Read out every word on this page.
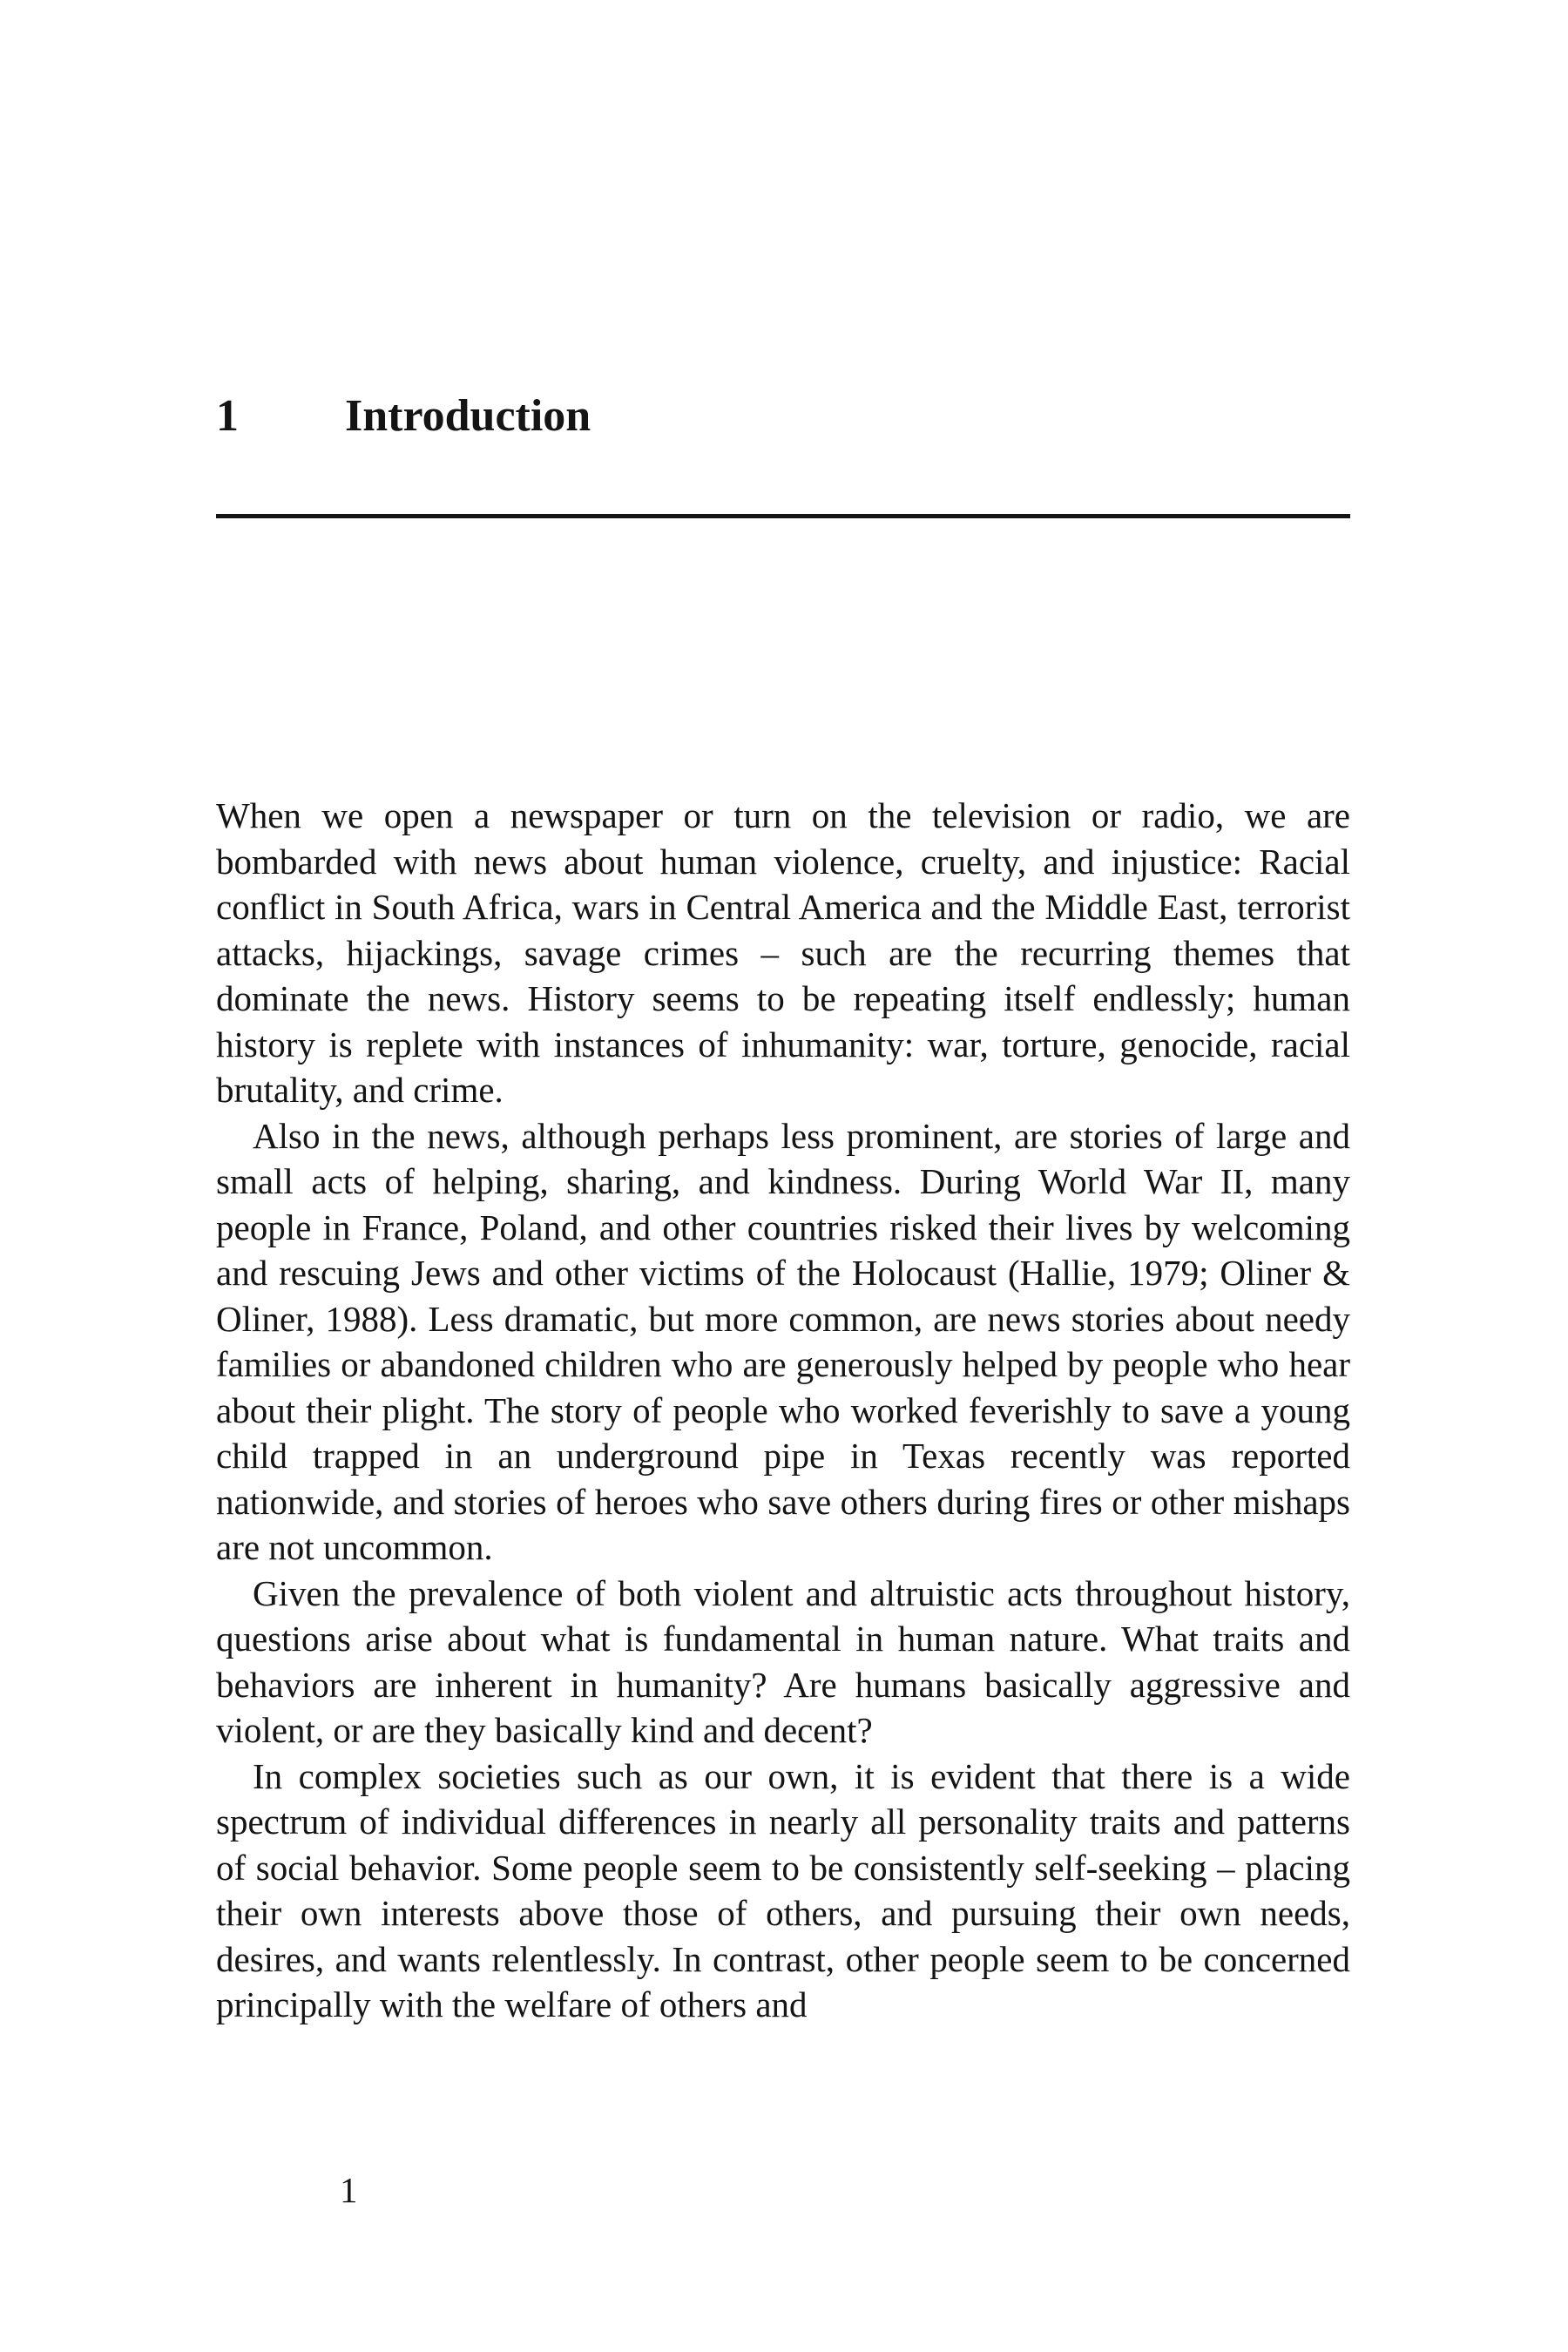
1 Introduction

When we open a newspaper or turn on the television or radio, we are bombarded with news about human violence, cruelty, and injustice: Racial conflict in South Africa, wars in Central America and the Middle East, terrorist attacks, hijackings, savage crimes – such are the recurring themes that dominate the news. History seems to be repeating itself endlessly; human history is replete with instances of inhumanity: war, torture, genocide, racial brutality, and crime.

Also in the news, although perhaps less prominent, are stories of large and small acts of helping, sharing, and kindness. During World War II, many people in France, Poland, and other countries risked their lives by welcoming and rescuing Jews and other victims of the Holocaust (Hallie, 1979; Oliner & Oliner, 1988). Less dramatic, but more common, are news stories about needy families or abandoned children who are generously helped by people who hear about their plight. The story of people who worked feverishly to save a young child trapped in an underground pipe in Texas recently was reported nationwide, and stories of heroes who save others during fires or other mishaps are not uncommon.

Given the prevalence of both violent and altruistic acts throughout history, questions arise about what is fundamental in human nature. What traits and behaviors are inherent in humanity? Are humans basically aggressive and violent, or are they basically kind and decent?

In complex societies such as our own, it is evident that there is a wide spectrum of individual differences in nearly all personality traits and patterns of social behavior. Some people seem to be consistently self-seeking – placing their own interests above those of others, and pursuing their own needs, desires, and wants relentlessly. In contrast, other people seem to be concerned principally with the welfare of others and

1
